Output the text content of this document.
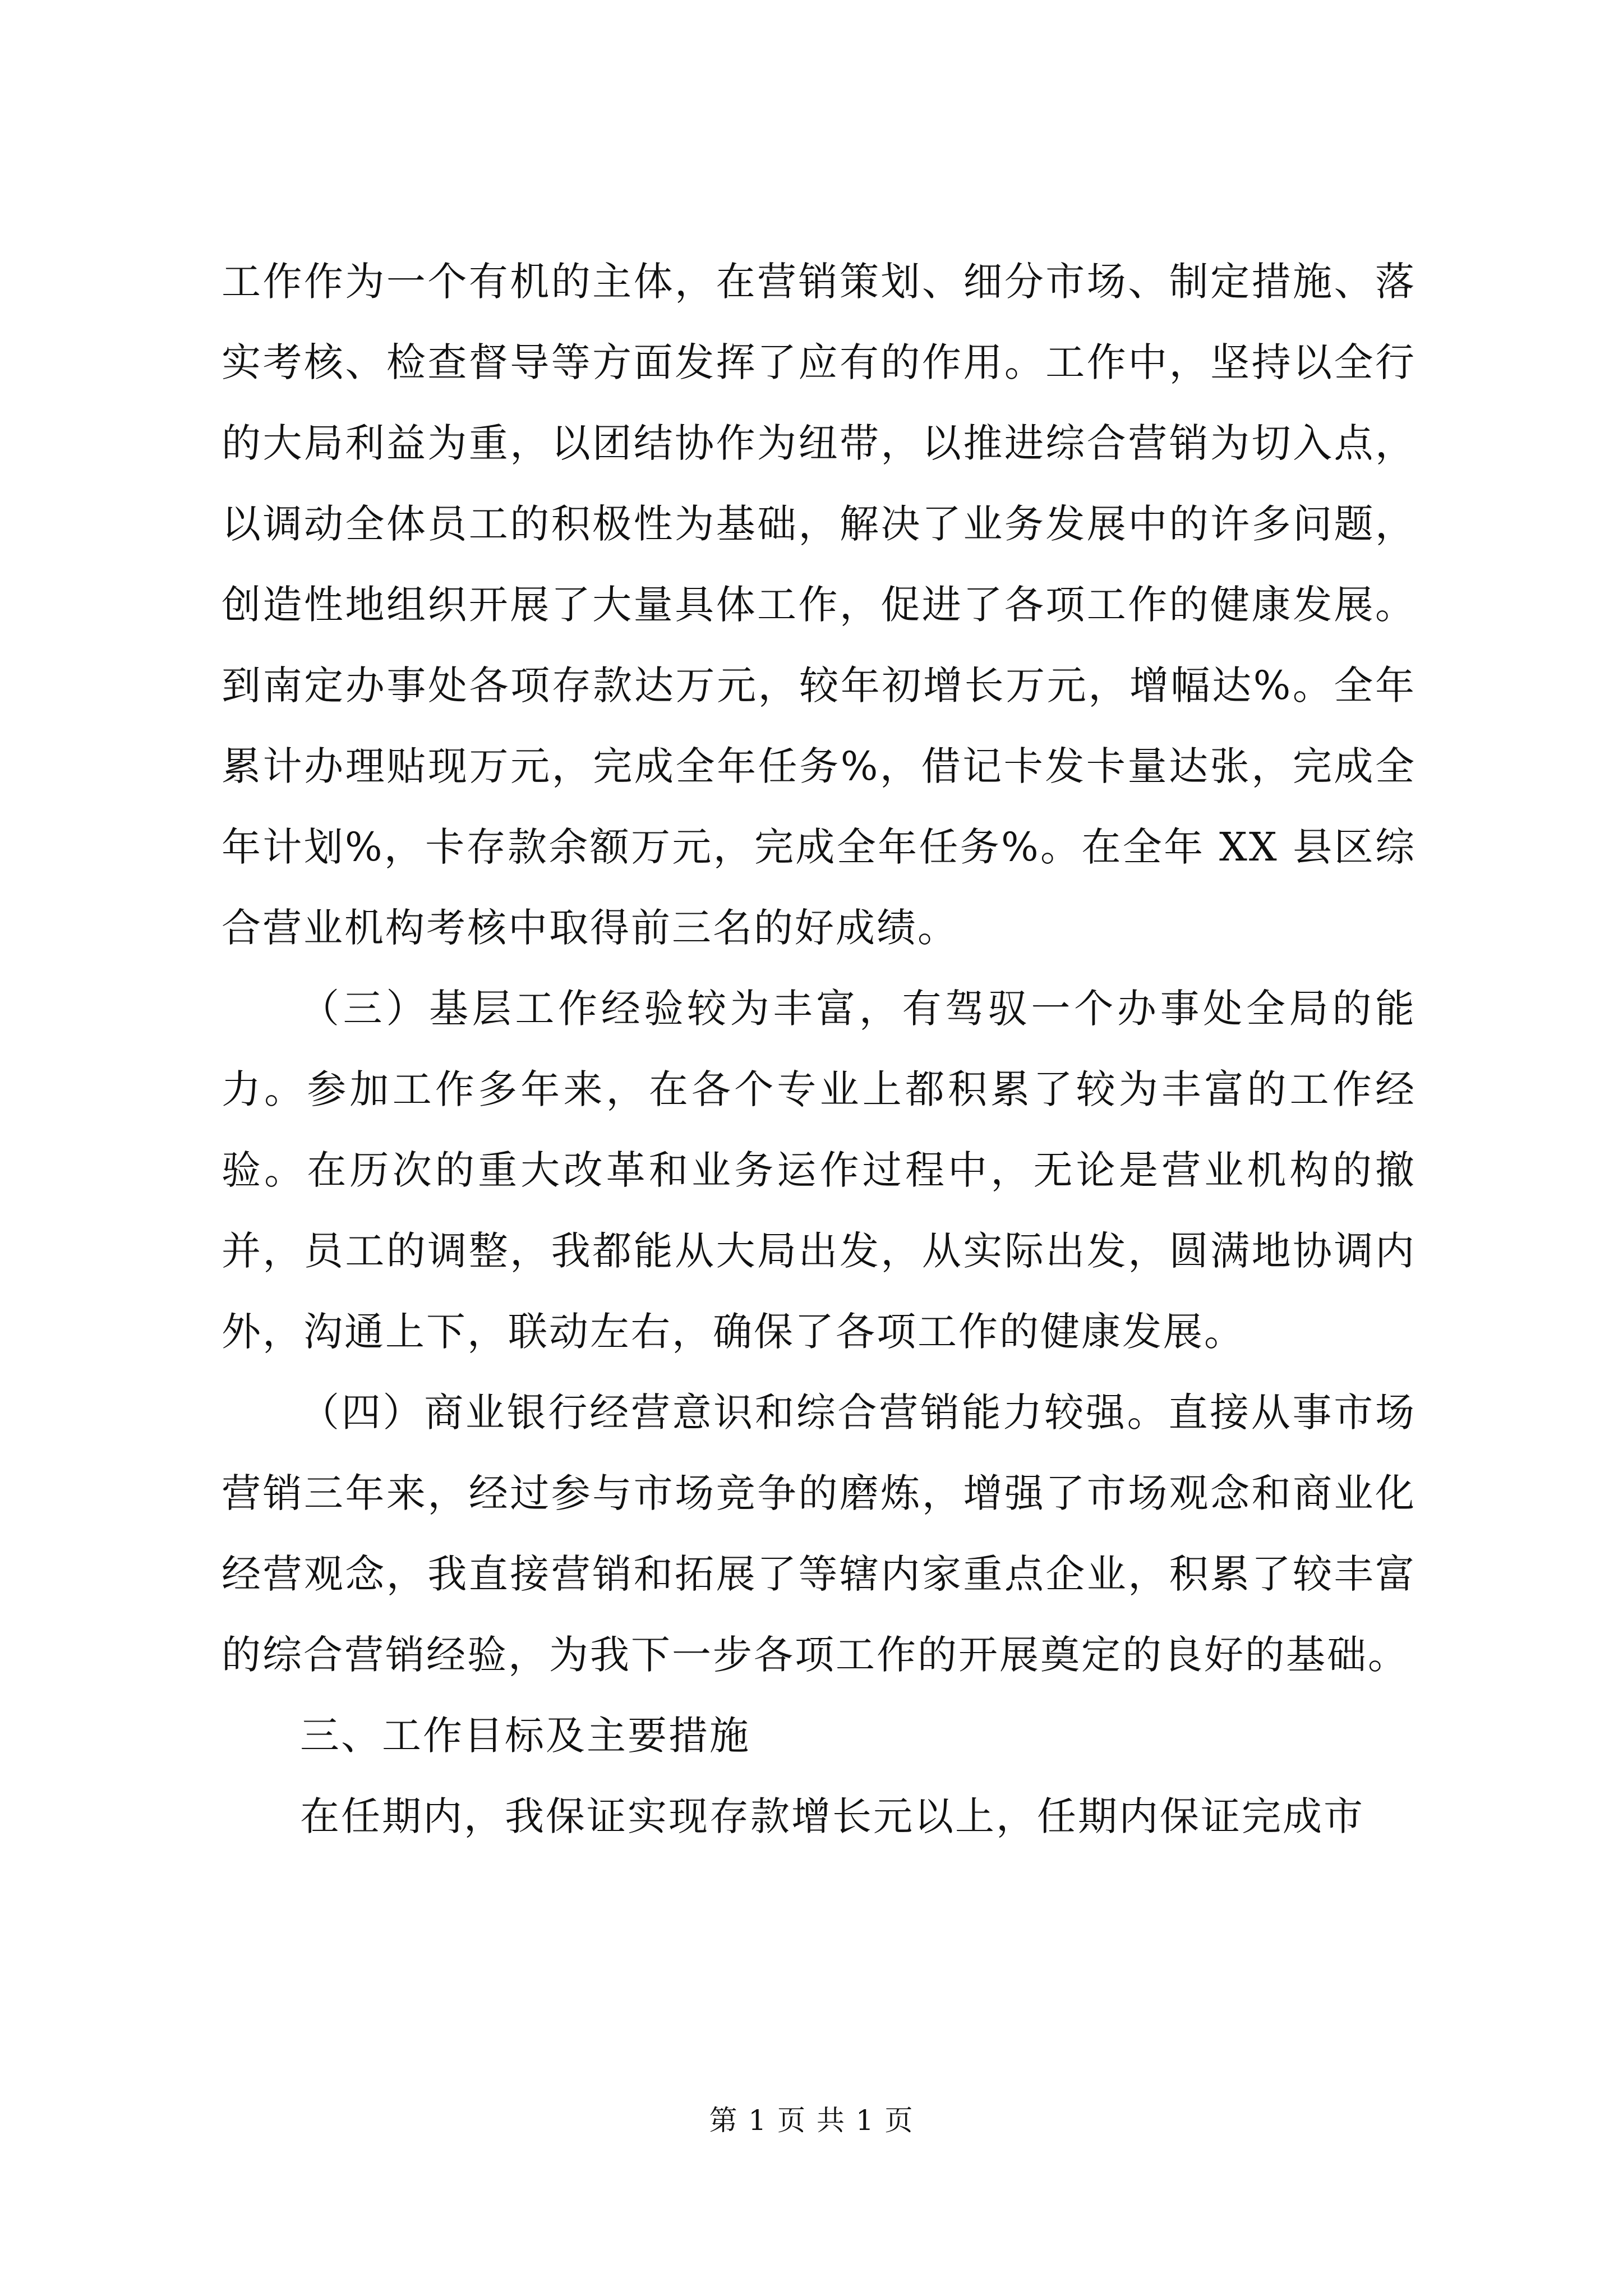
工作作为一个有机的主体，在营销策划、细分市场、制定措施、落实考核、检查督导等方面发挥了应有的作用。工作中，坚持以全行的大局利益为重，以团结协作为纽带，以推进综合营销为切入点，以调动全体员工的积极性为基础，解决了业务发展中的许多问题，创造性地组织开展了大量具体工作，促进了各项工作的健康发展。到南定办事处各项存款达万元，较年初增长万元，增幅达%。全年累计办理贴现万元，完成全年任务%，借记卡发卡量达张，完成全年计划%，卡存款余额万元，完成全年任务%。在全年 XX 县区综合营业机构考核中取得前三名的好成绩。

（三）基层工作经验较为丰富，有驾驭一个办事处全局的能力。参加工作多年来，在各个专业上都积累了较为丰富的工作经验。在历次的重大改革和业务运作过程中，无论是营业机构的撤并，员工的调整，我都能从大局出发，从实际出发，圆满地协调内外，沟通上下，联动左右，确保了各项工作的健康发展。

（四）商业银行经营意识和综合营销能力较强。直接从事市场营销三年来，经过参与市场竞争的磨炼，增强了市场观念和商业化经营观念，我直接营销和拓展了等辖内家重点企业，积累了较丰富的综合营销经验，为我下一步各项工作的开展奠定的良好的基础。

三、工作目标及主要措施

在任期内，我保证实现存款增长元以上，任期内保证完成市

第 1 页 共 1 页
